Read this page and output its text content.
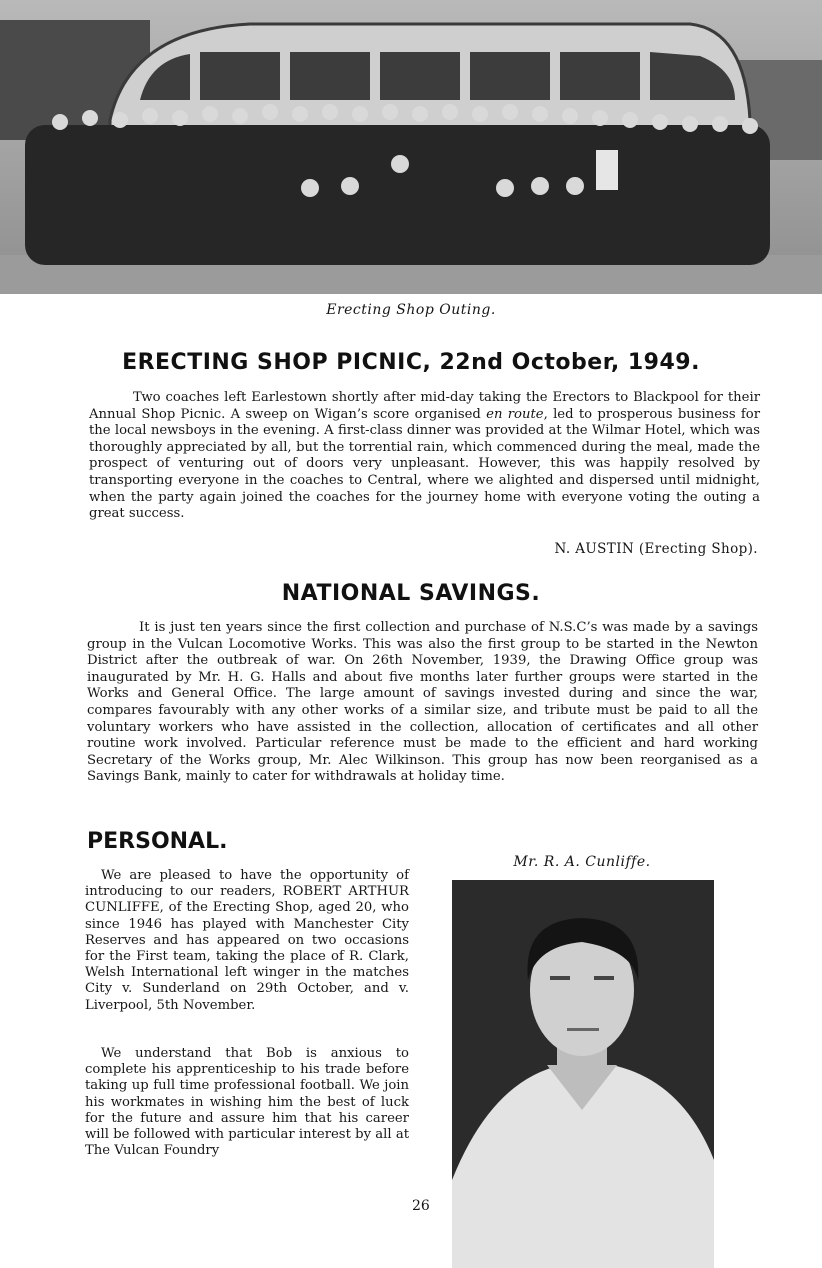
Erecting Shop Outing.
ERECTING SHOP PICNIC, 22nd October, 1949.

Two coaches left Earlestown shortly after mid-day taking the Erectors to Blackpool for their Annual Shop Picnic. A sweep on Wigan’s score organised en route, led to prosperous business for the local newsboys in the evening. A first-class dinner was provided at the Wilmar Hotel, which was thoroughly appreciated by all, but the torrential rain, which commenced during the meal, made the prospect of venturing out of doors very unpleasant. However, this was happily resolved by transporting everyone in the coaches to Central, where we alighted and dispersed until midnight, when the party again joined the coaches for the journey home with everyone voting the outing a great success.

N. AUSTIN (Erecting Shop).
NATIONAL SAVINGS.

It is just ten years since the first collection and purchase of N.S.C’s was made by a savings group in the Vulcan Locomotive Works. This was also the first group to be started in the Newton District after the outbreak of war. On 26th November, 1939, the Drawing Office group was inaugurated by Mr. H. G. Halls and about five months later further groups were started in the Works and General Office. The large amount of savings invested during and since the war, compares favourably with any other works of a similar size, and tribute must be paid to all the voluntary workers who have assisted in the collection, allocation of certificates and all other routine work involved. Particular reference must be made to the efficient and hard working Secretary of the Works group, Mr. Alec Wilkinson. This group has now been reorganised as a Savings Bank, mainly to cater for withdrawals at holiday time.

PERSONAL.

We are pleased to have the opportunity of introducing to our readers, ROBERT ARTHUR CUNLIFFE, of the Erecting Shop, aged 20, who since 1946 has played with Manchester City Reserves and has appeared on two occasions for the First team, taking the place of R. Clark, Welsh International left winger in the matches City v. Sunderland on 29th October, and v. Liverpool, 5th November.

We understand that Bob is anxious to complete his apprenticeship to his trade before taking up full time professional football. We join his workmates in wishing him the best of luck for the future and assure him that his career will be followed with particular interest by all at The Vulcan Foundry

Mr. R. A. Cunliffe.
26
